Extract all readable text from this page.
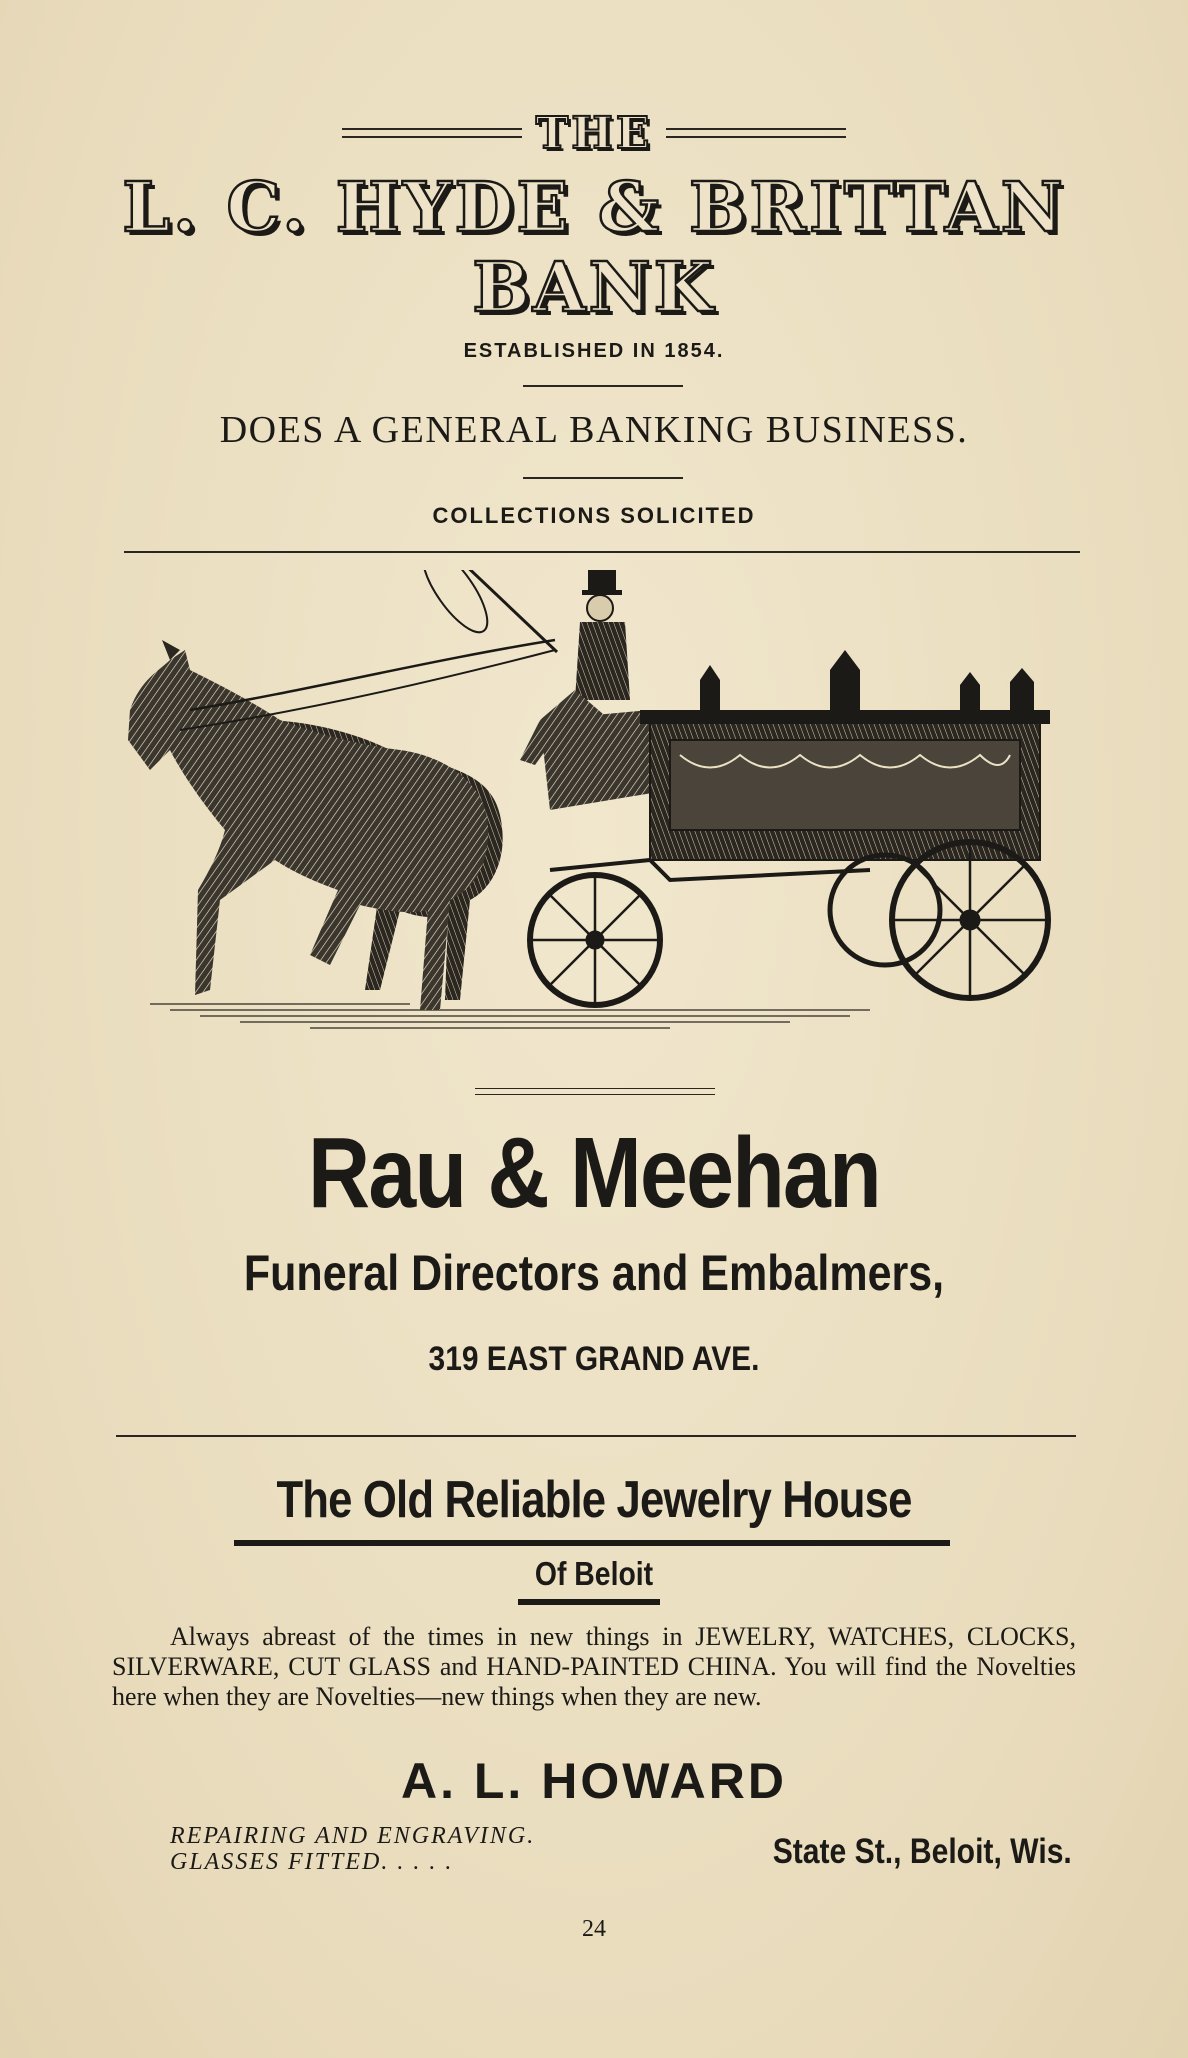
THE
L. C. HYDE & BRITTAN
BANK
ESTABLISHED IN 1854.
DOES A GENERAL BANKING BUSINESS.
COLLECTIONS SOLICITED
Rau & Meehan
Funeral Directors and Embalmers,
319 EAST GRAND AVE.
The Old Reliable Jewelry House
Of Beloit
Always abreast of the times in new things in JEWELRY, WATCHES, CLOCKS, SILVERWARE, CUT GLASS and HAND-PAINTED CHINA. You will find the Novelties here when they are Novelties—new things when they are new.
A. L. HOWARD
REPAIRING AND ENGRAVING.
GLASSES FITTED. . . . .	State St., Beloit, Wis.
24
